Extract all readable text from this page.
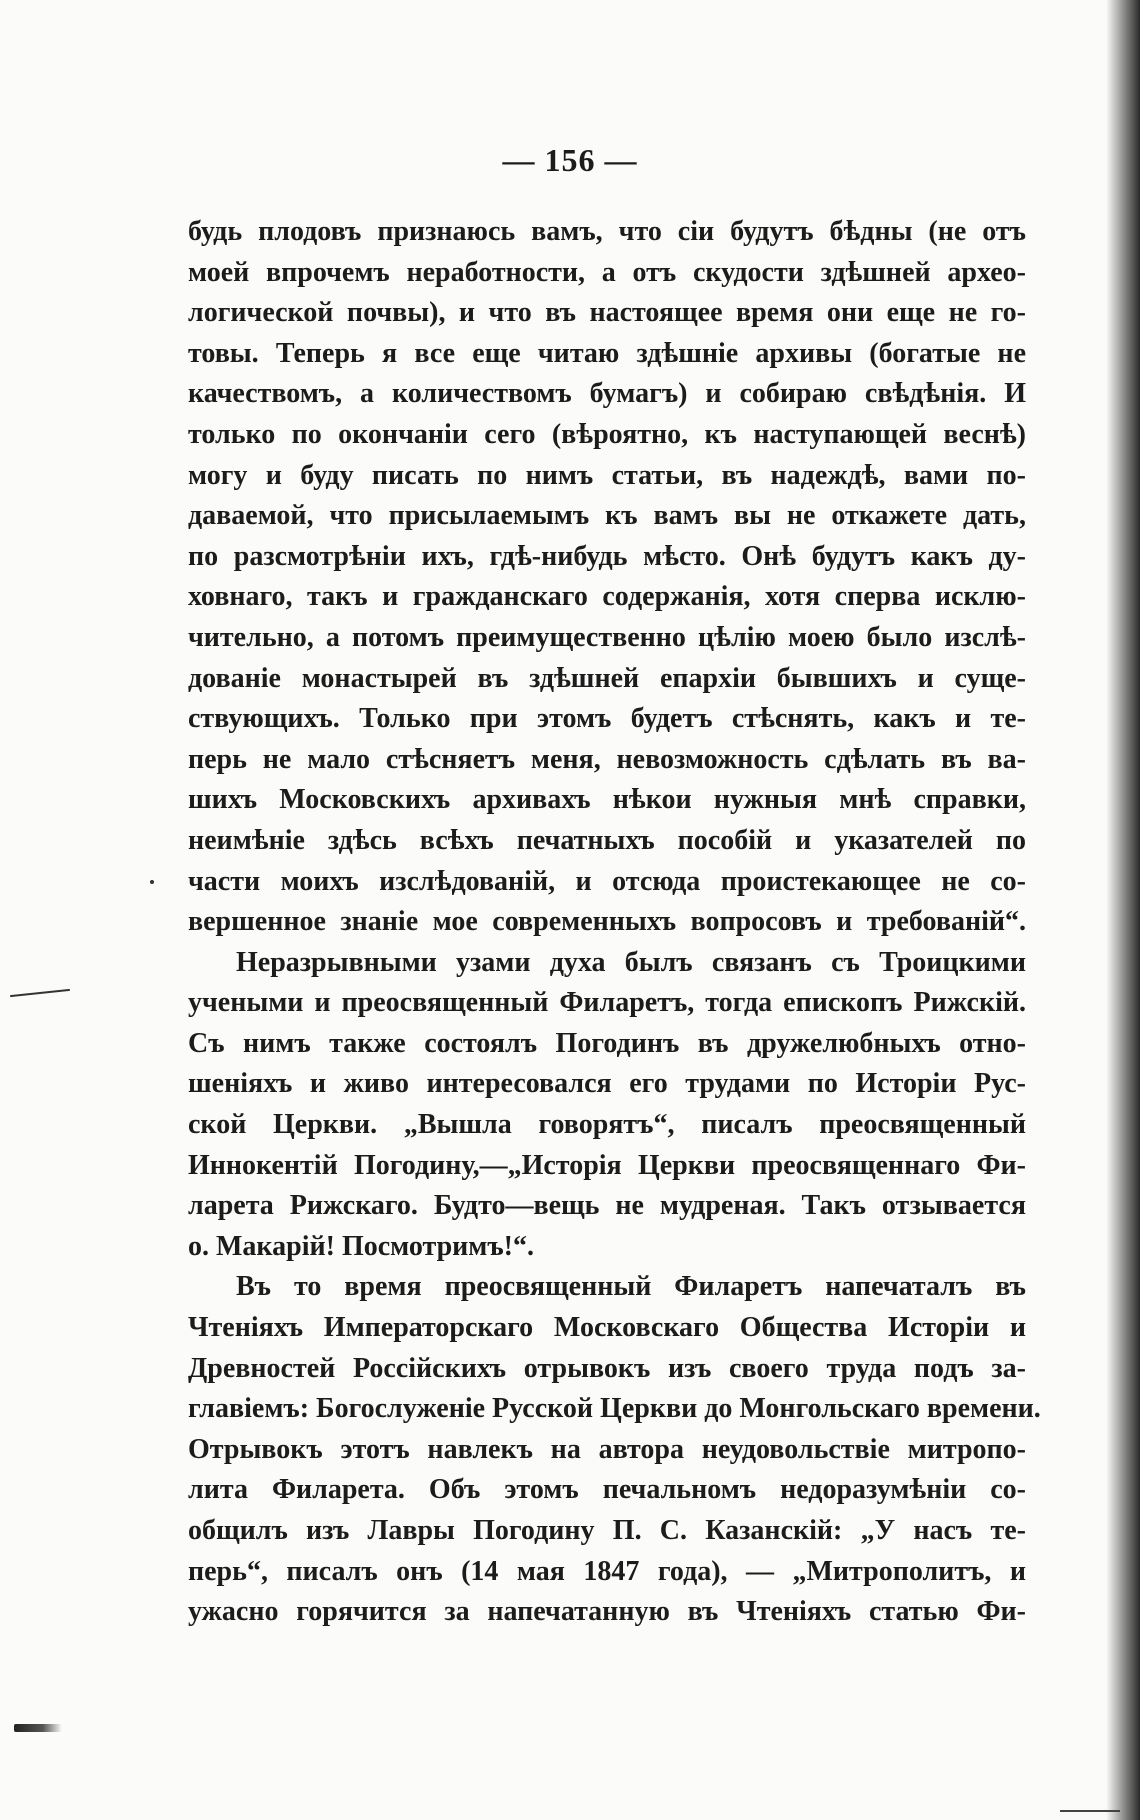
— 156 —
будь плодовъ признаюсь вамъ, что сіи будутъ бѣдны (не отъ
моей впрочемъ неработности, а отъ скудости здѣшней архео-
логической почвы), и что въ настоящее время они еще не го-
товы. Теперь я все еще читаю здѣшніе архивы (богатые не
качествомъ, а количествомъ бумагъ) и собираю свѣдѣнія. И
только по окончаніи сего (вѣроятно, къ наступающей веснѣ)
могу и буду писать по нимъ статьи, въ надеждѣ, вами по-
даваемой, что присылаемымъ къ вамъ вы не откажете дать,
по разсмотрѣніи ихъ, гдѣ-нибудь мѣсто. Онѣ будутъ какъ ду-
ховнаго, такъ и гражданскаго содержанія, хотя сперва исклю-
чительно, а потомъ преимущественно цѣлію моею было изслѣ-
дованіе монастырей въ здѣшней епархіи бывшихъ и суще-
ствующихъ. Только при этомъ будетъ стѣснять, какъ и те-
перь не мало стѣсняетъ меня, невозможность сдѣлать въ ва-
шихъ Московскихъ архивахъ нѣкои нужныя мнѣ справки,
неимѣніе здѣсь всѣхъ печатныхъ пособій и указателей по
части моихъ изслѣдованій, и отсюда проистекающее не со-
вершенное знаніе мое современныхъ вопросовъ и требованій“.
Неразрывными узами духа былъ связанъ съ Троицкими
учеными и преосвященный Филаретъ, тогда епископъ Рижскій.
Съ нимъ также состоялъ Погодинъ въ дружелюбныхъ отно-
шеніяхъ и живо интересовался его трудами по Исторіи Рус-
ской Церкви. „Вышла говорятъ“, писалъ преосвященный
Иннокентій Погодину,—„Исторія Церкви преосвященнаго Фи-
ларета Рижскаго. Будто—вещь не мудреная. Такъ отзывается
о. Макарій! Посмотримъ!“.
Въ то время преосвященный Филаретъ напечаталъ въ
Чтеніяхъ Императорскаго Московскаго Общества Исторіи и
Древностей Россійскихъ отрывокъ изъ своего труда подъ за-
главіемъ: Богослуженіе Русской Церкви до Монгольскаго времени.
Отрывокъ этотъ навлекъ на автора неудовольствіе митропо-
лита Филарета. Объ этомъ печальномъ недоразумѣніи со-
общилъ изъ Лавры Погодину П. С. Казанскій: „У насъ те-
перь“, писалъ онъ (14 мая 1847 года), — „Митрополитъ, и
ужасно горячится за напечатанную въ Чтеніяхъ статью Фи-
